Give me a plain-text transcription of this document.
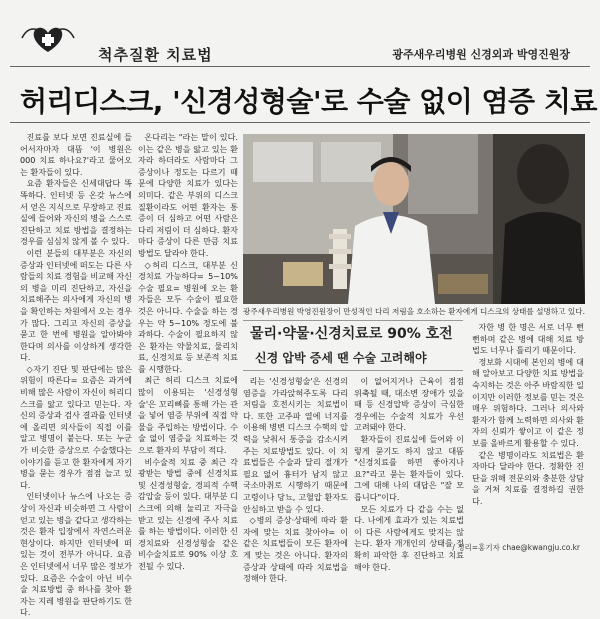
척추질환 치료법	광주새우리병원 신경외과 박영진원장
허리디스크, '신경성형술'로 수술 없이 염증 치료

진료를 보다 보면 진료실에 들어서자마자 대뜸 '이 병원은 000 치료 하나요?'라고 물어오는 환자들이 있다.

요즘 환자들은 신세대답다 똑똑하다. 인터넷 등 온갖 뉴스에서 얻은 지식으로 무장하고 진료실에 들어와 자신의 병을 스스로 진단하고 치료 방법을 결정하는 경우를 심심치 않게 볼 수 있다.

이런 분들의 대부분은 자신의 증상과 인터넷에 떠도는 다른 사람들의 치료 경험을 비교해 자신의 병을 미리 진단하고, 자신을 치료해주는 의사에게 자신의 병을 확인하는 차원에서 오는 경우가 많다. 그리고 자신의 증상을 묻고 한 번에 병원을 알아봐야 한다며 의사를 이상하게 생각한다.

◇자기 진단 및 판단에는 많은 위험이 따른다= 요즘은 과거에 비해 많은 사람이 자신이 허리디스크를 앓고 있다고 믿는다. 자신의 증상과 검사 결과를 인터넷에 올리면 의사들이 직접 이를 알고 병명이 붙는다. 또는 누군가 비슷한 증상으로 수술했다는 이야기를 듣고 한 환자에게 자기 병을 묻는 경우가 점점 늘고 있다.

인터넷이나 뉴스에 나오는 증상이 자신과 비슷하면 그 사람이 얻고 있는 병을 같다고 생각하는 것은 환자 입장에서 자연스러운 현상이다. 하지만 인터넷에 떠 있는 것이 전부가 아니다. 요즘은 인터넷에서 너무 많은 정보가 있다. 요즘은 수술이 아닌 비수술 치료방법 중 하나를 찾아 환자는 지레 병원을 판단하기도 한다.

온다리는 "라는 말이 있다. 이는 같은 병을 앓고 있는 환자라 하더라도 사람마다 그 증상이나 정도는 다르기 때문에 다양한 치료가 있다는 의미다. 같은 부위의 디스크 질환이라도 어떤 환자는 통증이 더 심하고 어떤 사람은 다리 저림이 더 심하다. 환자마다 증상이 다른 만큼 치료방법도 달라야 한다.

◇허리 디스크, 대부분 신경치료 가능하다= 5~10% 수술 필요= 병원에 오는 환자들은 모두 수술이 필요한 것은 아니다. 수술을 하는 경우는 약 5~10% 정도에 불과하다. 수술이 필요하지 않은 환자는 약물치료, 물리치료, 신경치료 등 보존적 치료를 시행한다.

최근 허리 디스크 치료에 많이 이용되는 '신경성형술'은 꼬리뼈를 통해 가는 관을 넣어 염증 부위에 직접 약물을 주입하는 방법이다. 수술 없이 염증을 치료하는 것으로 환자의 부담이 적다.

비수술적 치료 중 최근 각광받는 방법 중에 신경치료 및 신경성형술, 경피적 수핵감압술 등이 있다. 대부분 디스크에 의해 눌리고 자극을 받고 있는 신경에 주사 치료를 하는 방법이다. 이러한 신경치료와 신경성형술 같은 비수술치료로 90% 이상 호전될 수 있다.

광주새우리병원 박영진원장이 만성적인 다리 저림을 호소하는 환자에게 디스크의 상태를 설명하고 있다.
물리·약물·신경치료로 90% 호전
신경 압박 증세 땐 수술 고려해야

리는 '신경성형술'은 신경의 염증을 가라앉혀주도록 다리 저림을 호전시키는 치료법이다. 또한 고주파 열에 너지를 이용해 병변 디스크 수핵의 압력을 낮춰서 통증을 감소시켜주는 치료방법도 있다. 이 치료법들은 수술과 달리 절개가 필요 없어 흉터가 남지 않고 국소마취로 시행하기 때문에 고령이나 당뇨, 고혈압 환자도 안심하고 받을 수 있다.

◇병의 증상·상태에 따라 환자에 맞는 치료 찾아야= 이 같은 치료법들이 모든 환자에게 맞는 것은 아니다. 환자의 증상과 상태에 따라 치료법을 정해야 한다.

이 없어지거나 근육이 점점 위축될 때, 대소변 장애가 있을 때 등 신경압박 증상이 극심한 경우에는 수술적 치료가 우선 고려돼야 한다.

환자들이 진료실에 들어와 이렇게 묻기도 하지 않고 대뜸 "신경치료를 하면 좋아지나요?"라고 묻는 환자들이 있다. 그에 대해 나의 대답은 "잘 모릅니다"이다.

모든 치료가 다 같을 수는 없다. 나에게 효과가 있는 치료법이 다른 사람에게도 맞지는 않는다. 환자 개개인의 상태를 정확히 파악한 후 진단하고 치료해야 한다.

자한 병 한 명은 서로 너무 뻔뻔하며 같은 병에 대해 치료 방법도 너무나 틀리기 때문이다.

정보화 시대에 본인의 병에 대해 알아보고 다양한 치료 방법을 숙지하는 것은 아주 바람직한 일이지만 이러한 정보를 믿는 것은 매우 위험하다. 그러나 의사와 환자가 함께 노력하면 의사와 환자의 신뢰가 쌓이고 이 같은 정보를 올바르게 활용할 수 있다.

같은 병명이라도 치료법은 환자마다 달라야 한다. 정확한 진단을 위해 전문의와 충분한 상담을 거쳐 치료를 결정하길 권한다.

/ 정리=홍기자 chae@kwangju.co.kr
